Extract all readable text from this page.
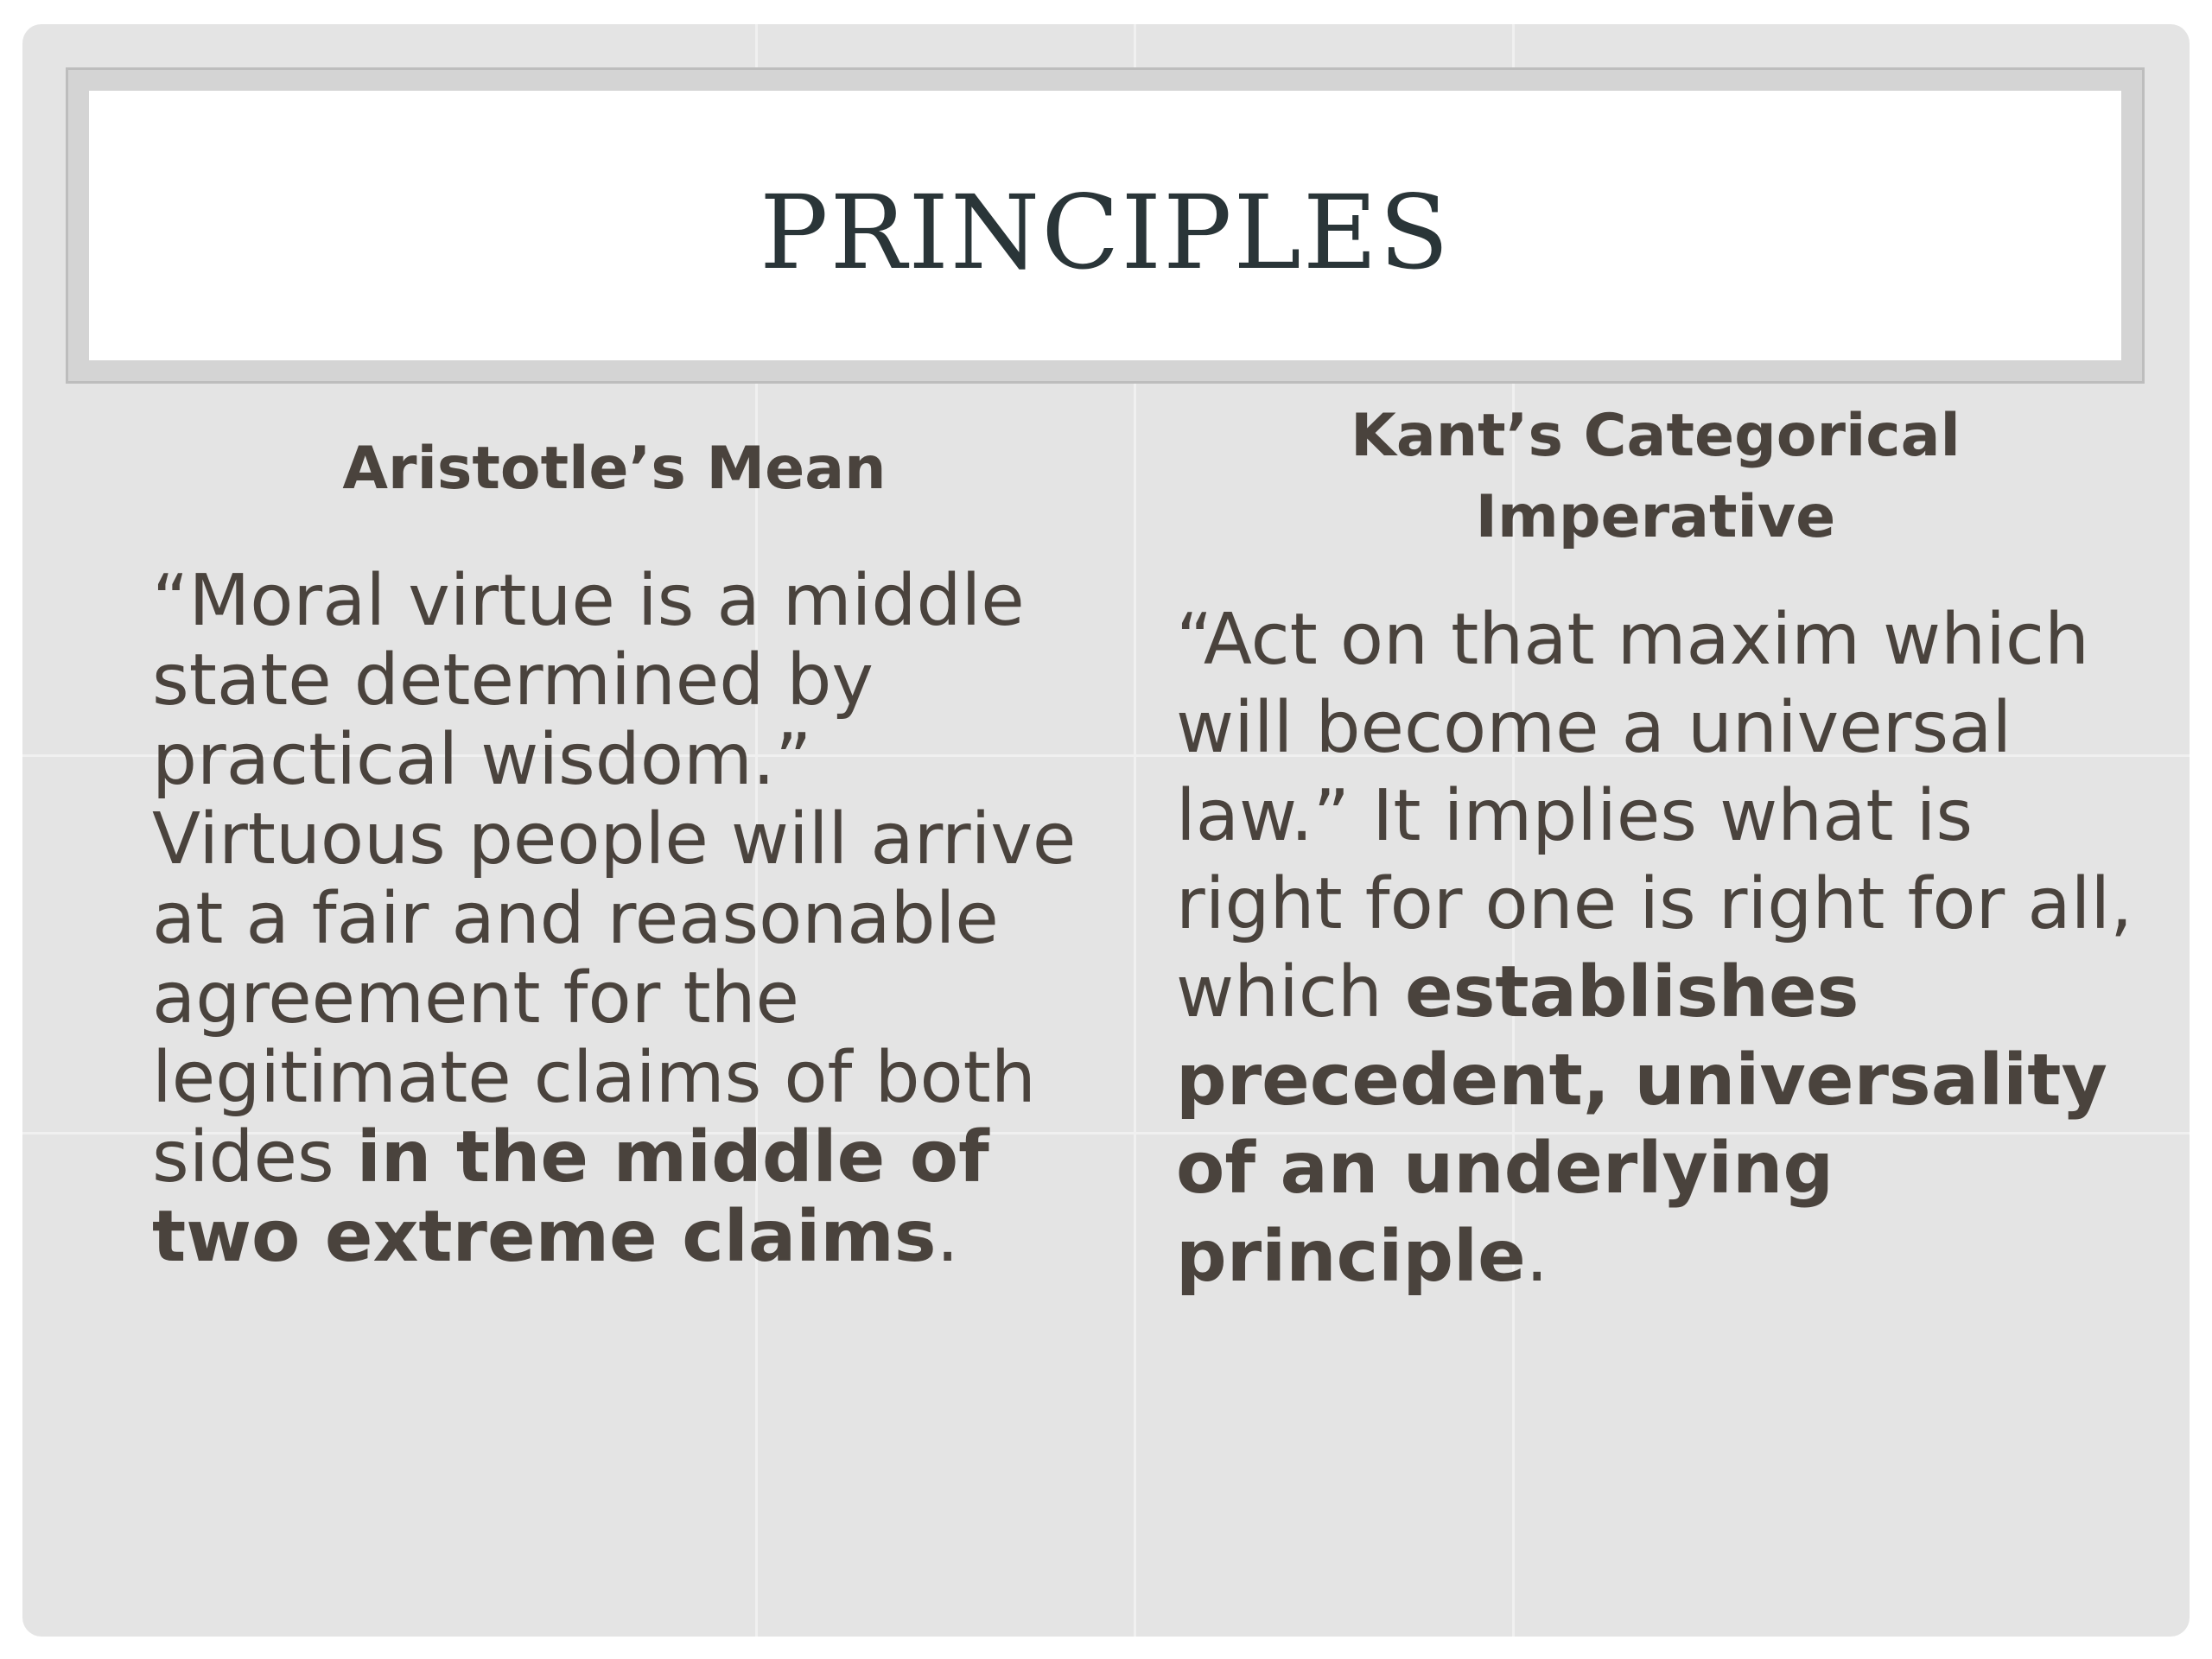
PRINCIPLES
Aristotle’s Mean
“Moral virtue is a middle state determined by practical wisdom.” Virtuous people will arrive at a fair and reasonable agreement for the legitimate claims of both sides in the middle of two extreme claims.
Kant’s Categorical Imperative
“Act on that maxim which will become a universal law.” It implies what is right for one is right for all, which establishes precedent, universality of an underlying principle.
